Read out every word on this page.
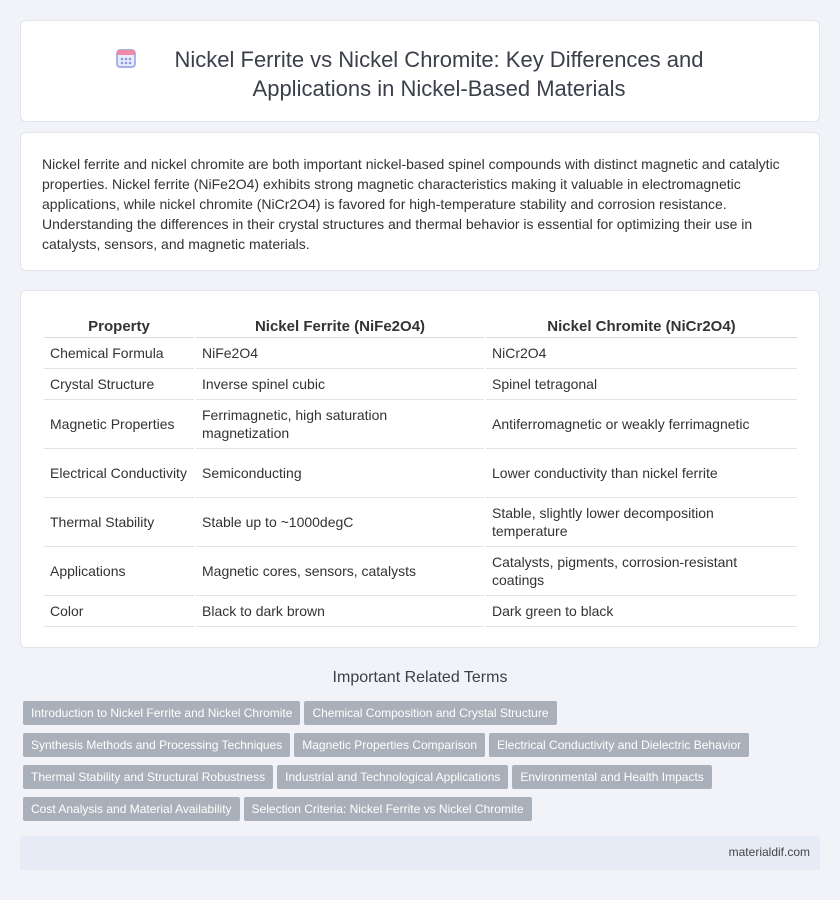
Nickel Ferrite vs Nickel Chromite: Key Differences and Applications in Nickel-Based Materials

Nickel ferrite and nickel chromite are both important nickel-based spinel compounds with distinct magnetic and catalytic properties. Nickel ferrite (NiFe2O4) exhibits strong magnetic characteristics making it valuable in electromagnetic applications, while nickel chromite (NiCr2O4) is favored for high-temperature stability and corrosion resistance. Understanding the differences in their crystal structures and thermal behavior is essential for optimizing their use in catalysts, sensors, and magnetic materials.

Property	Nickel Ferrite (NiFe2O4)	Nickel Chromite (NiCr2O4)
Chemical Formula	NiFe2O4	NiCr2O4
Crystal Structure	Inverse spinel cubic	Spinel tetragonal
Magnetic Properties	Ferrimagnetic, high saturation magnetization	Antiferromagnetic or weakly ferrimagnetic
Electrical Conductivity	Semiconducting	Lower conductivity than nickel ferrite
Thermal Stability	Stable up to ~1000degC	Stable, slightly lower decomposition temperature
Applications	Magnetic cores, sensors, catalysts	Catalysts, pigments, corrosion-resistant coatings
Color	Black to dark brown	Dark green to black
Important Related Terms
Introduction to Nickel Ferrite and Nickel Chromite Chemical Composition and Crystal Structure
Synthesis Methods and Processing Techniques Magnetic Properties Comparison Electrical Conductivity and Dielectric Behavior
Thermal Stability and Structural Robustness Industrial and Technological Applications Environmental and Health Impacts
Cost Analysis and Material Availability Selection Criteria: Nickel Ferrite vs Nickel Chromite
materialdif.com
